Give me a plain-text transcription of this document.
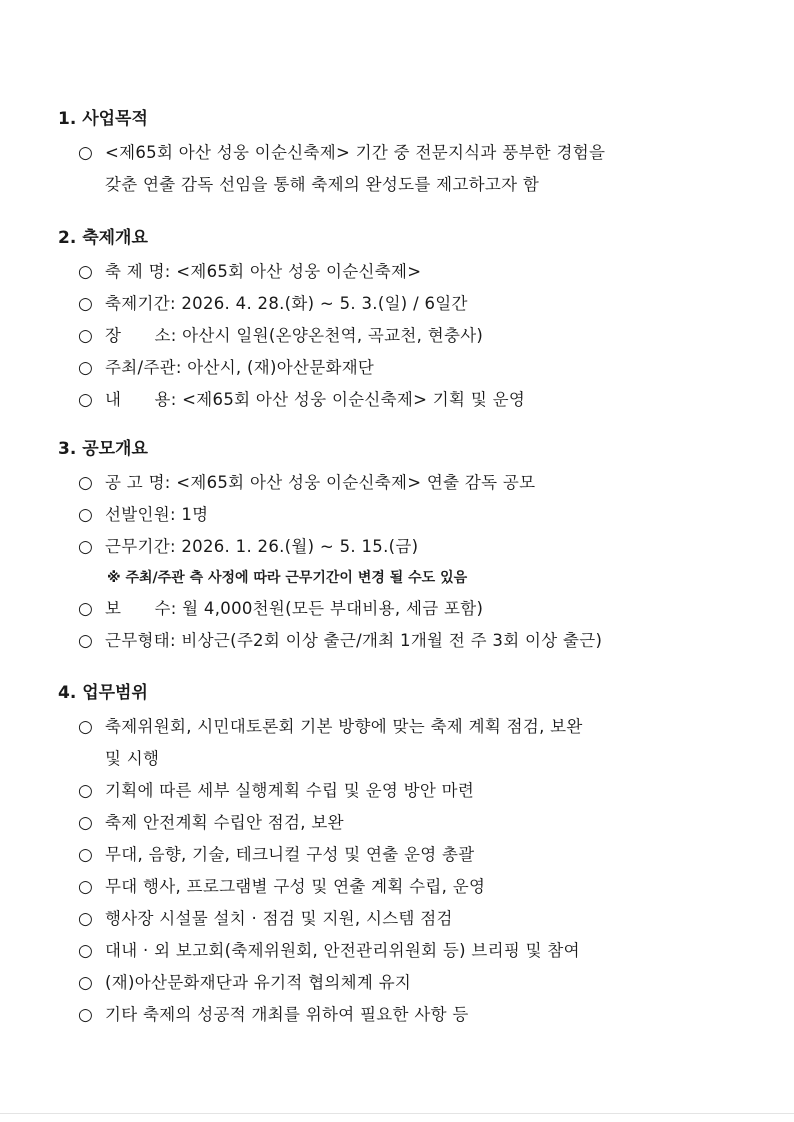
1. 사업목적

○ <제65회 아산 성웅 이순신축제> 기간 중 전문지식과 풍부한 경험을
갖춘 연출 감독 선임을 통해 축제의 완성도를 제고하고자 함

2. 축제개요

○ 축 제 명: <제65회 아산 성웅 이순신축제>
○ 축제기간: 2026. 4. 28.(화) ~ 5. 3.(일) / 6일간
○ 장      소: 아산시 일원(온양온천역, 곡교천, 현충사)
○ 주최/주관: 아산시, (재)아산문화재단
○ 내      용: <제65회 아산 성웅 이순신축제> 기획 및 운영

3. 공모개요

○ 공 고 명: <제65회 아산 성웅 이순신축제> 연출 감독 공모
○ 선발인원: 1명
○ 근무기간: 2026. 1. 26.(월) ~ 5. 15.(금)
※ 주최/주관 측 사정에 따라 근무기간이 변경 될 수도 있음
○ 보      수: 월 4,000천원(모든 부대비용, 세금 포함)
○ 근무형태: 비상근(주2회 이상 출근/개최 1개월 전 주 3회 이상 출근)

4. 업무범위

○ 축제위원회, 시민대토론회 기본 방향에 맞는 축제 계획 점검, 보완
및 시행
○ 기획에 따른 세부 실행계획 수립 및 운영 방안 마련
○ 축제 안전계획 수립안 점검, 보완
○ 무대, 음향, 기술, 테크니컬 구성 및 연출 운영 총괄
○ 무대 행사, 프로그램별 구성 및 연출 계획 수립, 운영
○ 행사장 시설물 설치 · 점검 및 지원, 시스템 점검
○ 대내 · 외 보고회(축제위원회, 안전관리위원회 등) 브리핑 및 참여
○ (재)아산문화재단과 유기적 협의체계 유지
○ 기타 축제의 성공적 개최를 위하여 필요한 사항 등
